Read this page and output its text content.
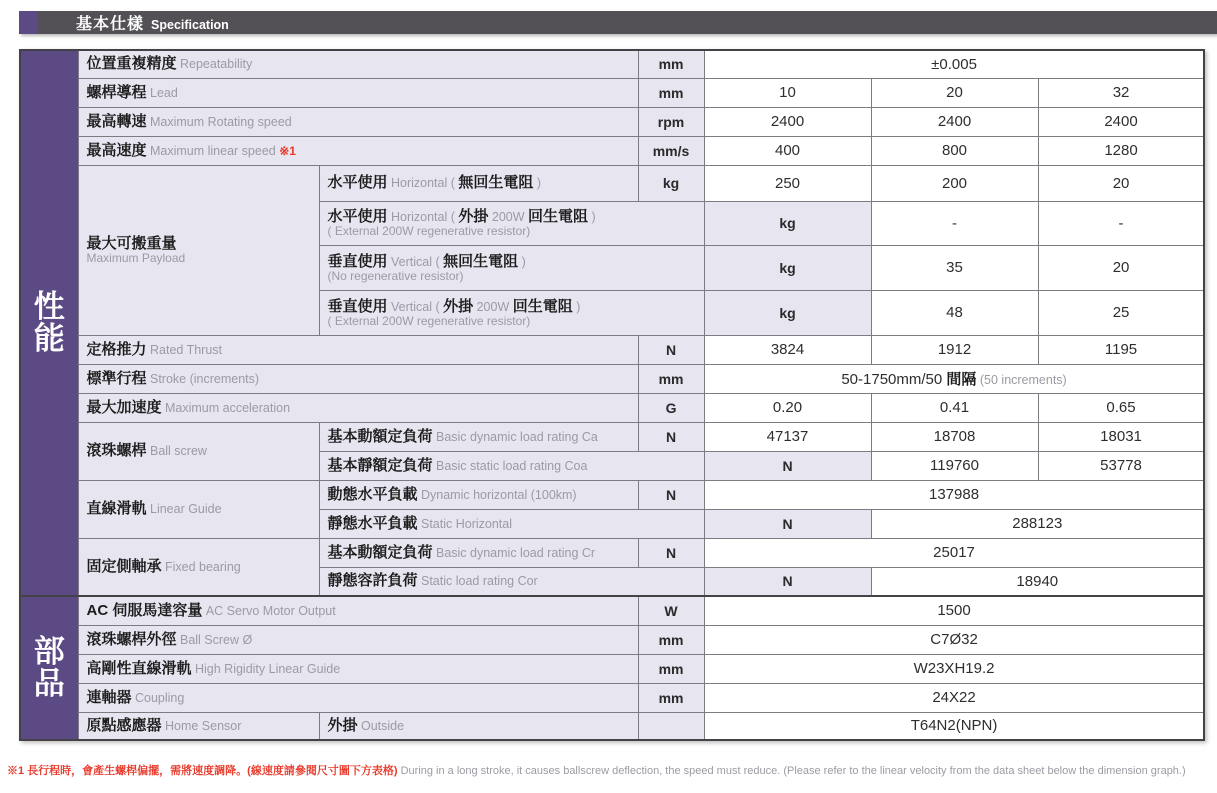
基本仕樣 Specification
性
能	位置重複精度 Repeatability		mm	±0.005			

	螺桿導程 Lead		mm	10	20	32	

	最高轉速 Maximum Rotating speed		rpm	2400	2400	2400	

	最高速度 Maximum linear speed ※1		mm/s	400	800	1280	

	最大可搬重量
Maximum Payload	水平使用 Horizontal ( 無回生電阻 )	kg	250	200	20	

		水平使用 Horizontal ( 外掛 200W 回生電阻 )
( External 200W regenerative resistor)		kg	-	-	

		垂直使用 Vertical ( 無回生電阻 )
(No regenerative resistor)		kg	35	20	

		垂直使用 Vertical ( 外掛 200W 回生電阻 )
( External 200W regenerative resistor)		kg	48	25	

	定格推力 Rated Thrust		N	3824	1912	1195	

	標準行程 Stroke (increments)		mm	50-1750mm/50 間隔 (50 increments)			

	最大加速度 Maximum acceleration		G	0.20	0.41	0.65	

	滾珠螺桿 Ball screw	基本動額定負荷 Basic dynamic load rating Ca	N	47137	18708	18031	

		基本靜額定負荷 Basic static load rating Coa		N	119760	53778	

	直線滑軌 Linear Guide	動態水平負載 Dynamic horizontal (100km)	N	137988			

		靜態水平負載 Static Horizontal		N	288123		

	固定側軸承 Fixed bearing	基本動額定負荷 Basic dynamic load rating Cr	N	25017			

		靜態容許負荷 Static load rating Cor		N	18940		

部
品	AC 伺服馬達容量 AC Servo Motor Output		W	1500			

	滾珠螺桿外徑 Ball Screw Ø		mm	C7Ø32			

	高剛性直線滑軌 High Rigidity Linear Guide		mm	W23XH19.2			

	連軸器 Coupling		mm	24X22			

	原點感應器 Home Sensor	外掛 Outside		T64N2(NPN)			
※1 長行程時，會產生螺桿偏擺，需將速度調降。(線速度請參閱尺寸圖下方表格) During in a long stroke, it causes ballscrew deflection, the speed must reduce. (Please refer to the linear velocity from the data sheet below the dimension graph.)
